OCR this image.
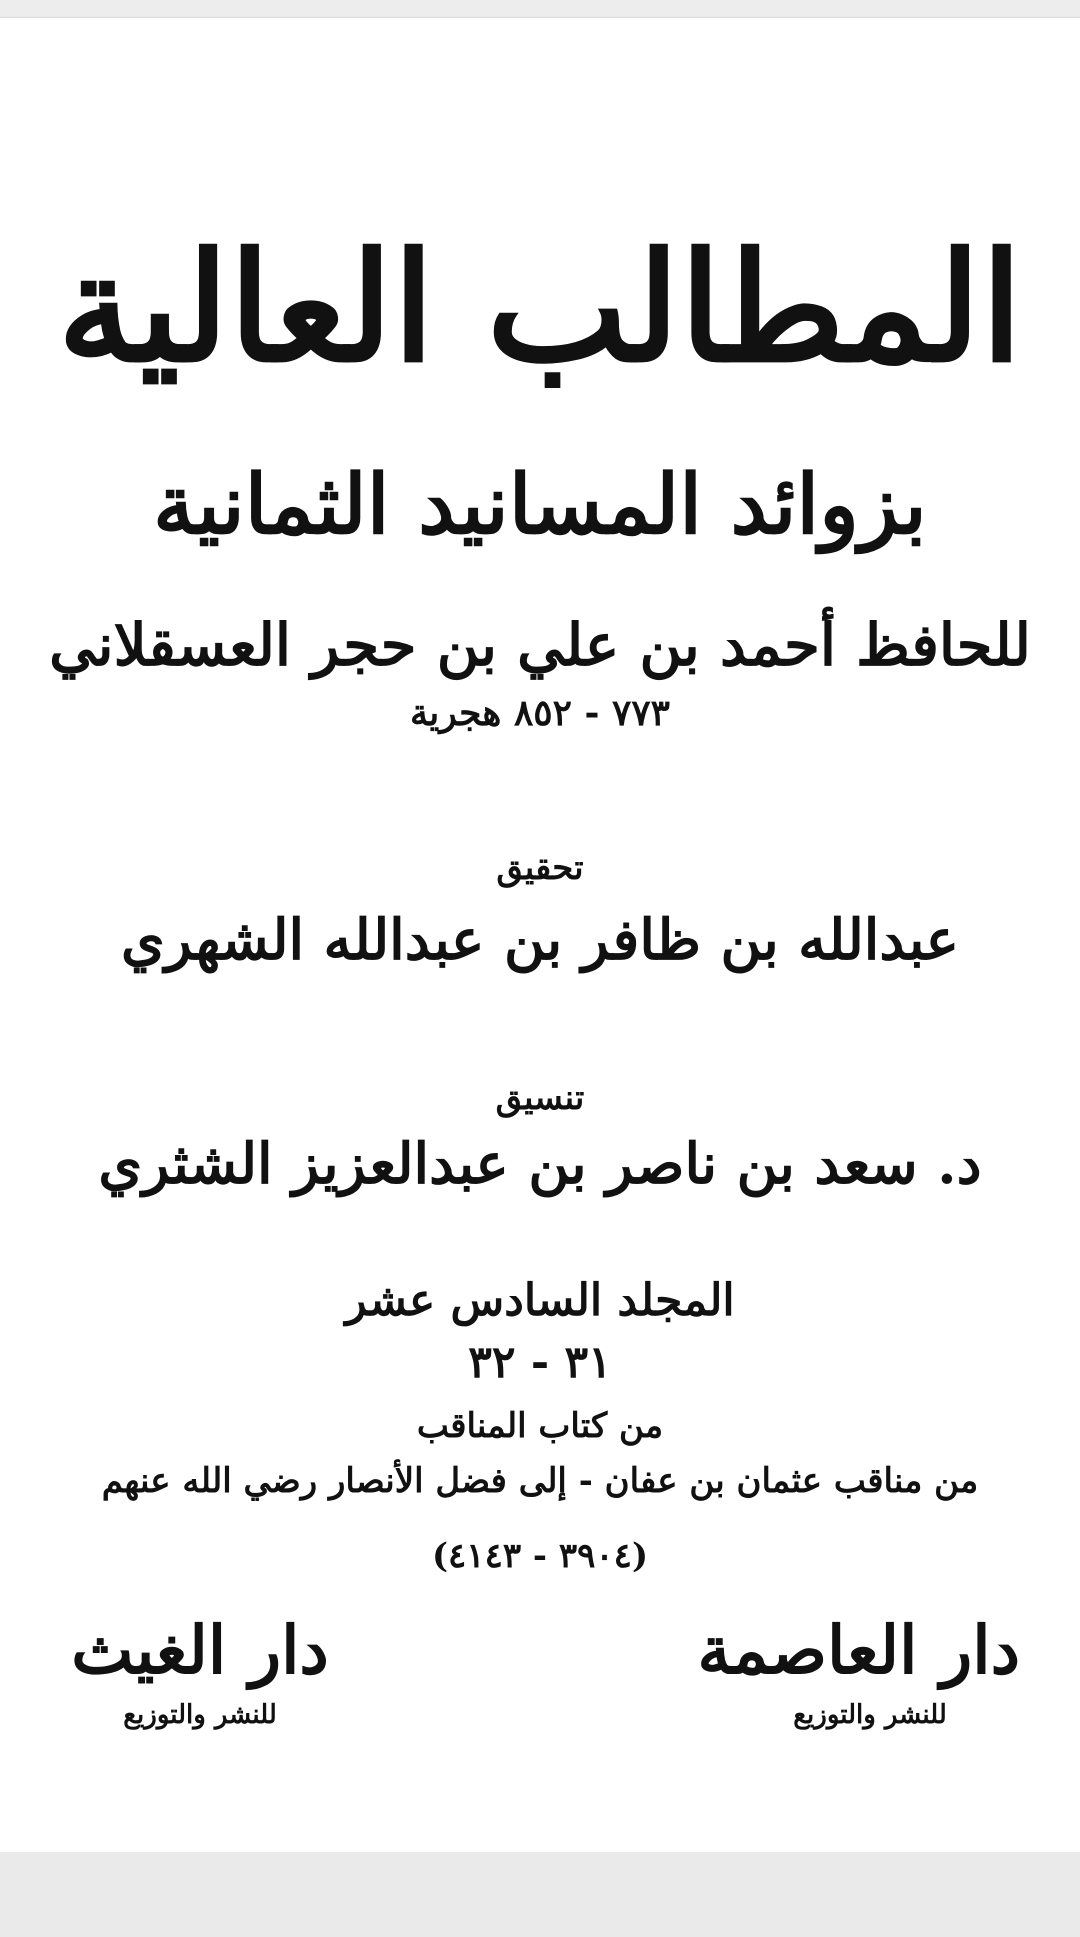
المطالب العالية
بزوائد المسانيد الثمانية
للحافظ أحمد بن علي بن حجر العسقلاني
٧٧٣ - ٨٥٢ هجرية
تحقيق
عبدالله بن ظافر بن عبدالله الشهري
تنسيق
د. سعد بن ناصر بن عبدالعزيز الشثري
المجلد السادس عشر
٣١ - ٣٢
من كتاب المناقب
من مناقب عثمان بن عفان - إلى فضل الأنصار رضي الله عنهم
(٣٩٠٤ - ٤١٤٣)
دار العاصمة
للنشر والتوزيع
دار الغيث
للنشر والتوزيع
